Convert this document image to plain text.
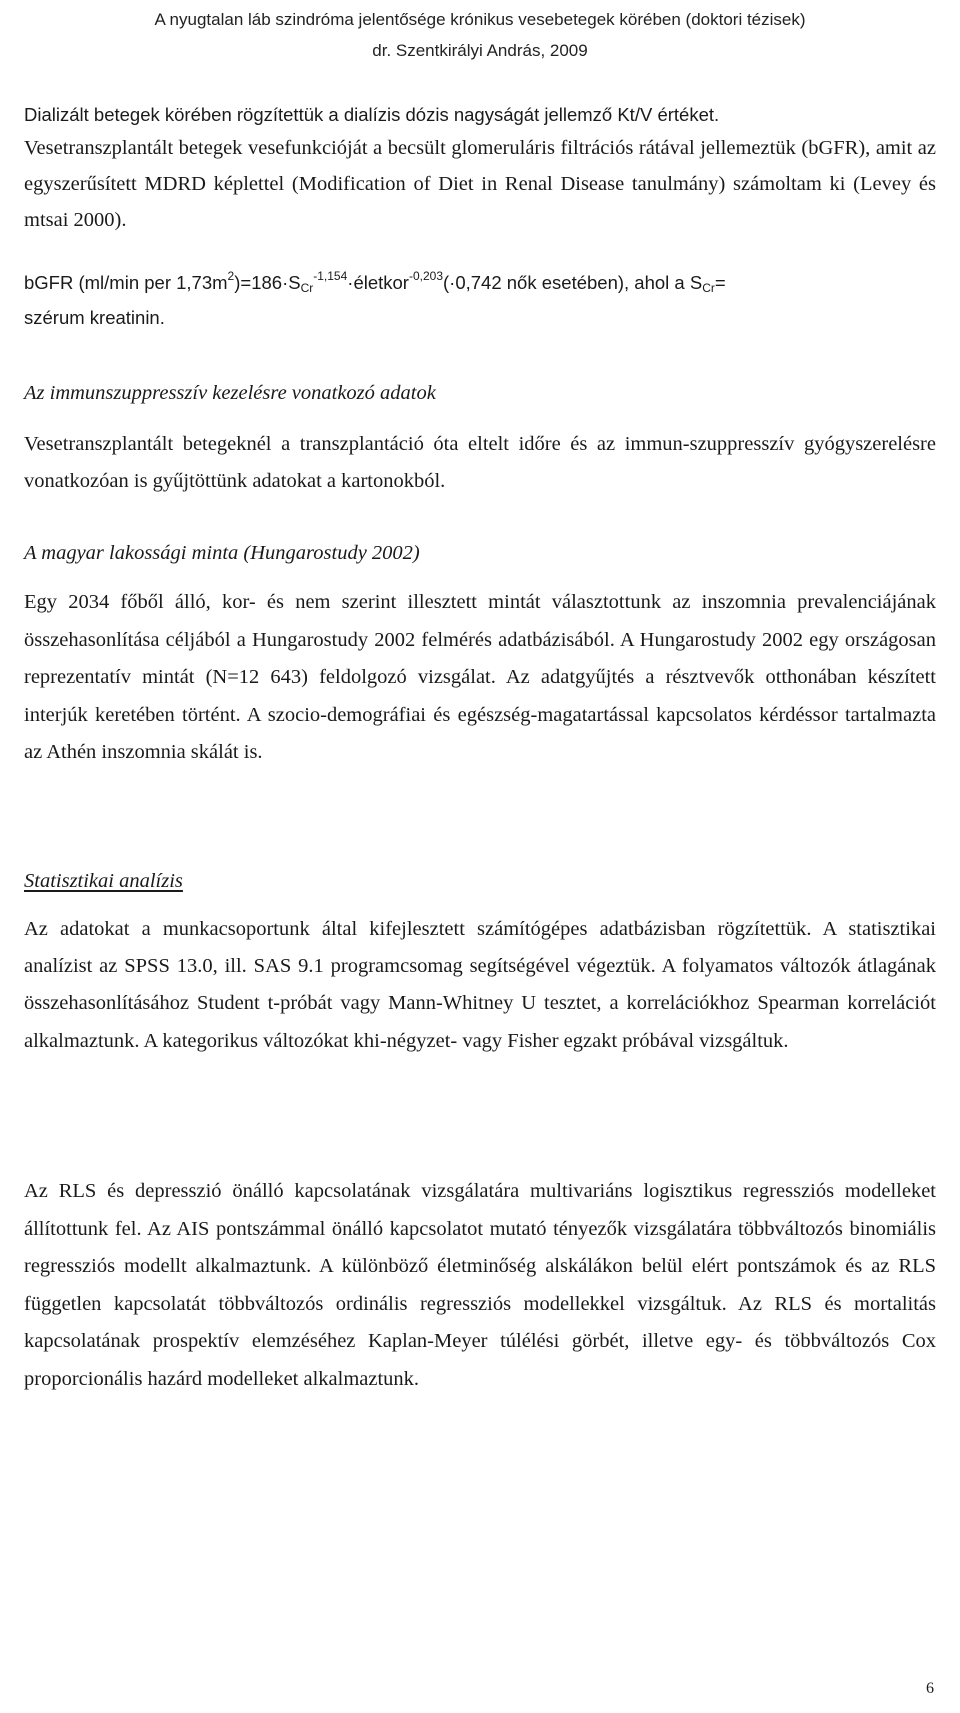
A nyugtalan láb szindróma jelentősége krónikus vesebetegek körében (doktori tézisek)
dr. Szentkirályi András, 2009

Dializált betegek körében rögzítettük a dialízis dózis nagyságát jellemző Kt/V értéket.

Vesetranszplantált betegek vesefunkcióját a becsült glomeruláris filtrációs rátával jellemeztük (bGFR), amit az egyszerűsített MDRD képlettel (Modification of Diet in Renal Disease tanulmány) számoltam ki (Levey és mtsai 2000).

bGFR (ml/min per $1,73m^2)=186\cdot S_{Cr}^{-1,154}\cdot életkor^{-0,203}(\cdot 0,742$ nők esetében), ahol a $S_{Cr}=$
szérum kreatinin.
Az immunszuppresszív kezelésre vonatkozó adatok

Vesetranszplantált betegeknél a transzplantáció óta eltelt időre és az immun-szuppresszív gyógyszerelésre vonatkozóan is gyűjtöttünk adatokat a kartonokból.

A magyar lakossági minta (Hungarostudy 2002)

Egy 2034 főből álló, kor- és nem szerint illesztett mintát választottunk az inszomnia prevalenciájának összehasonlítása céljából a Hungarostudy 2002 felmérés adatbázisából. A Hungarostudy 2002 egy országosan reprezentatív mintát (N=12 643) feldolgozó vizsgálat. Az adatgyűjtés a résztvevők otthonában készített interjúk keretében történt. A szocio-demográfiai és egészség-magatartással kapcsolatos kérdéssor tartalmazta az Athén inszomnia skálát is.

Statisztikai analízis

Az adatokat a munkacsoportunk által kifejlesztett számítógépes adatbázisban rögzítettük. A statisztikai analízist az SPSS 13.0, ill. SAS 9.1 programcsomag segítségével végeztük. A folyamatos változók átlagának összehasonlításához Student t-próbát vagy Mann-Whitney U tesztet, a korrelációkhoz Spearman korrelációt alkalmaztunk. A kategorikus változókat khi-négyzet- vagy Fisher egzakt próbával vizsgáltuk.

Az RLS és depresszió önálló kapcsolatának vizsgálatára multivariáns logisztikus regressziós modelleket állítottunk fel. Az AIS pontszámmal önálló kapcsolatot mutató tényezők vizsgálatára többváltozós binomiális regressziós modellt alkalmaztunk. A különböző életminőség alskálákon belül elért pontszámok és az RLS független kapcsolatát többváltozós ordinális regressziós modellekkel vizsgáltuk. Az RLS és mortalitás kapcsolatának prospektív elemzéséhez Kaplan-Meyer túlélési görbét, illetve egy- és többváltozós Cox proporcionális hazárd modelleket alkalmaztunk.

6
